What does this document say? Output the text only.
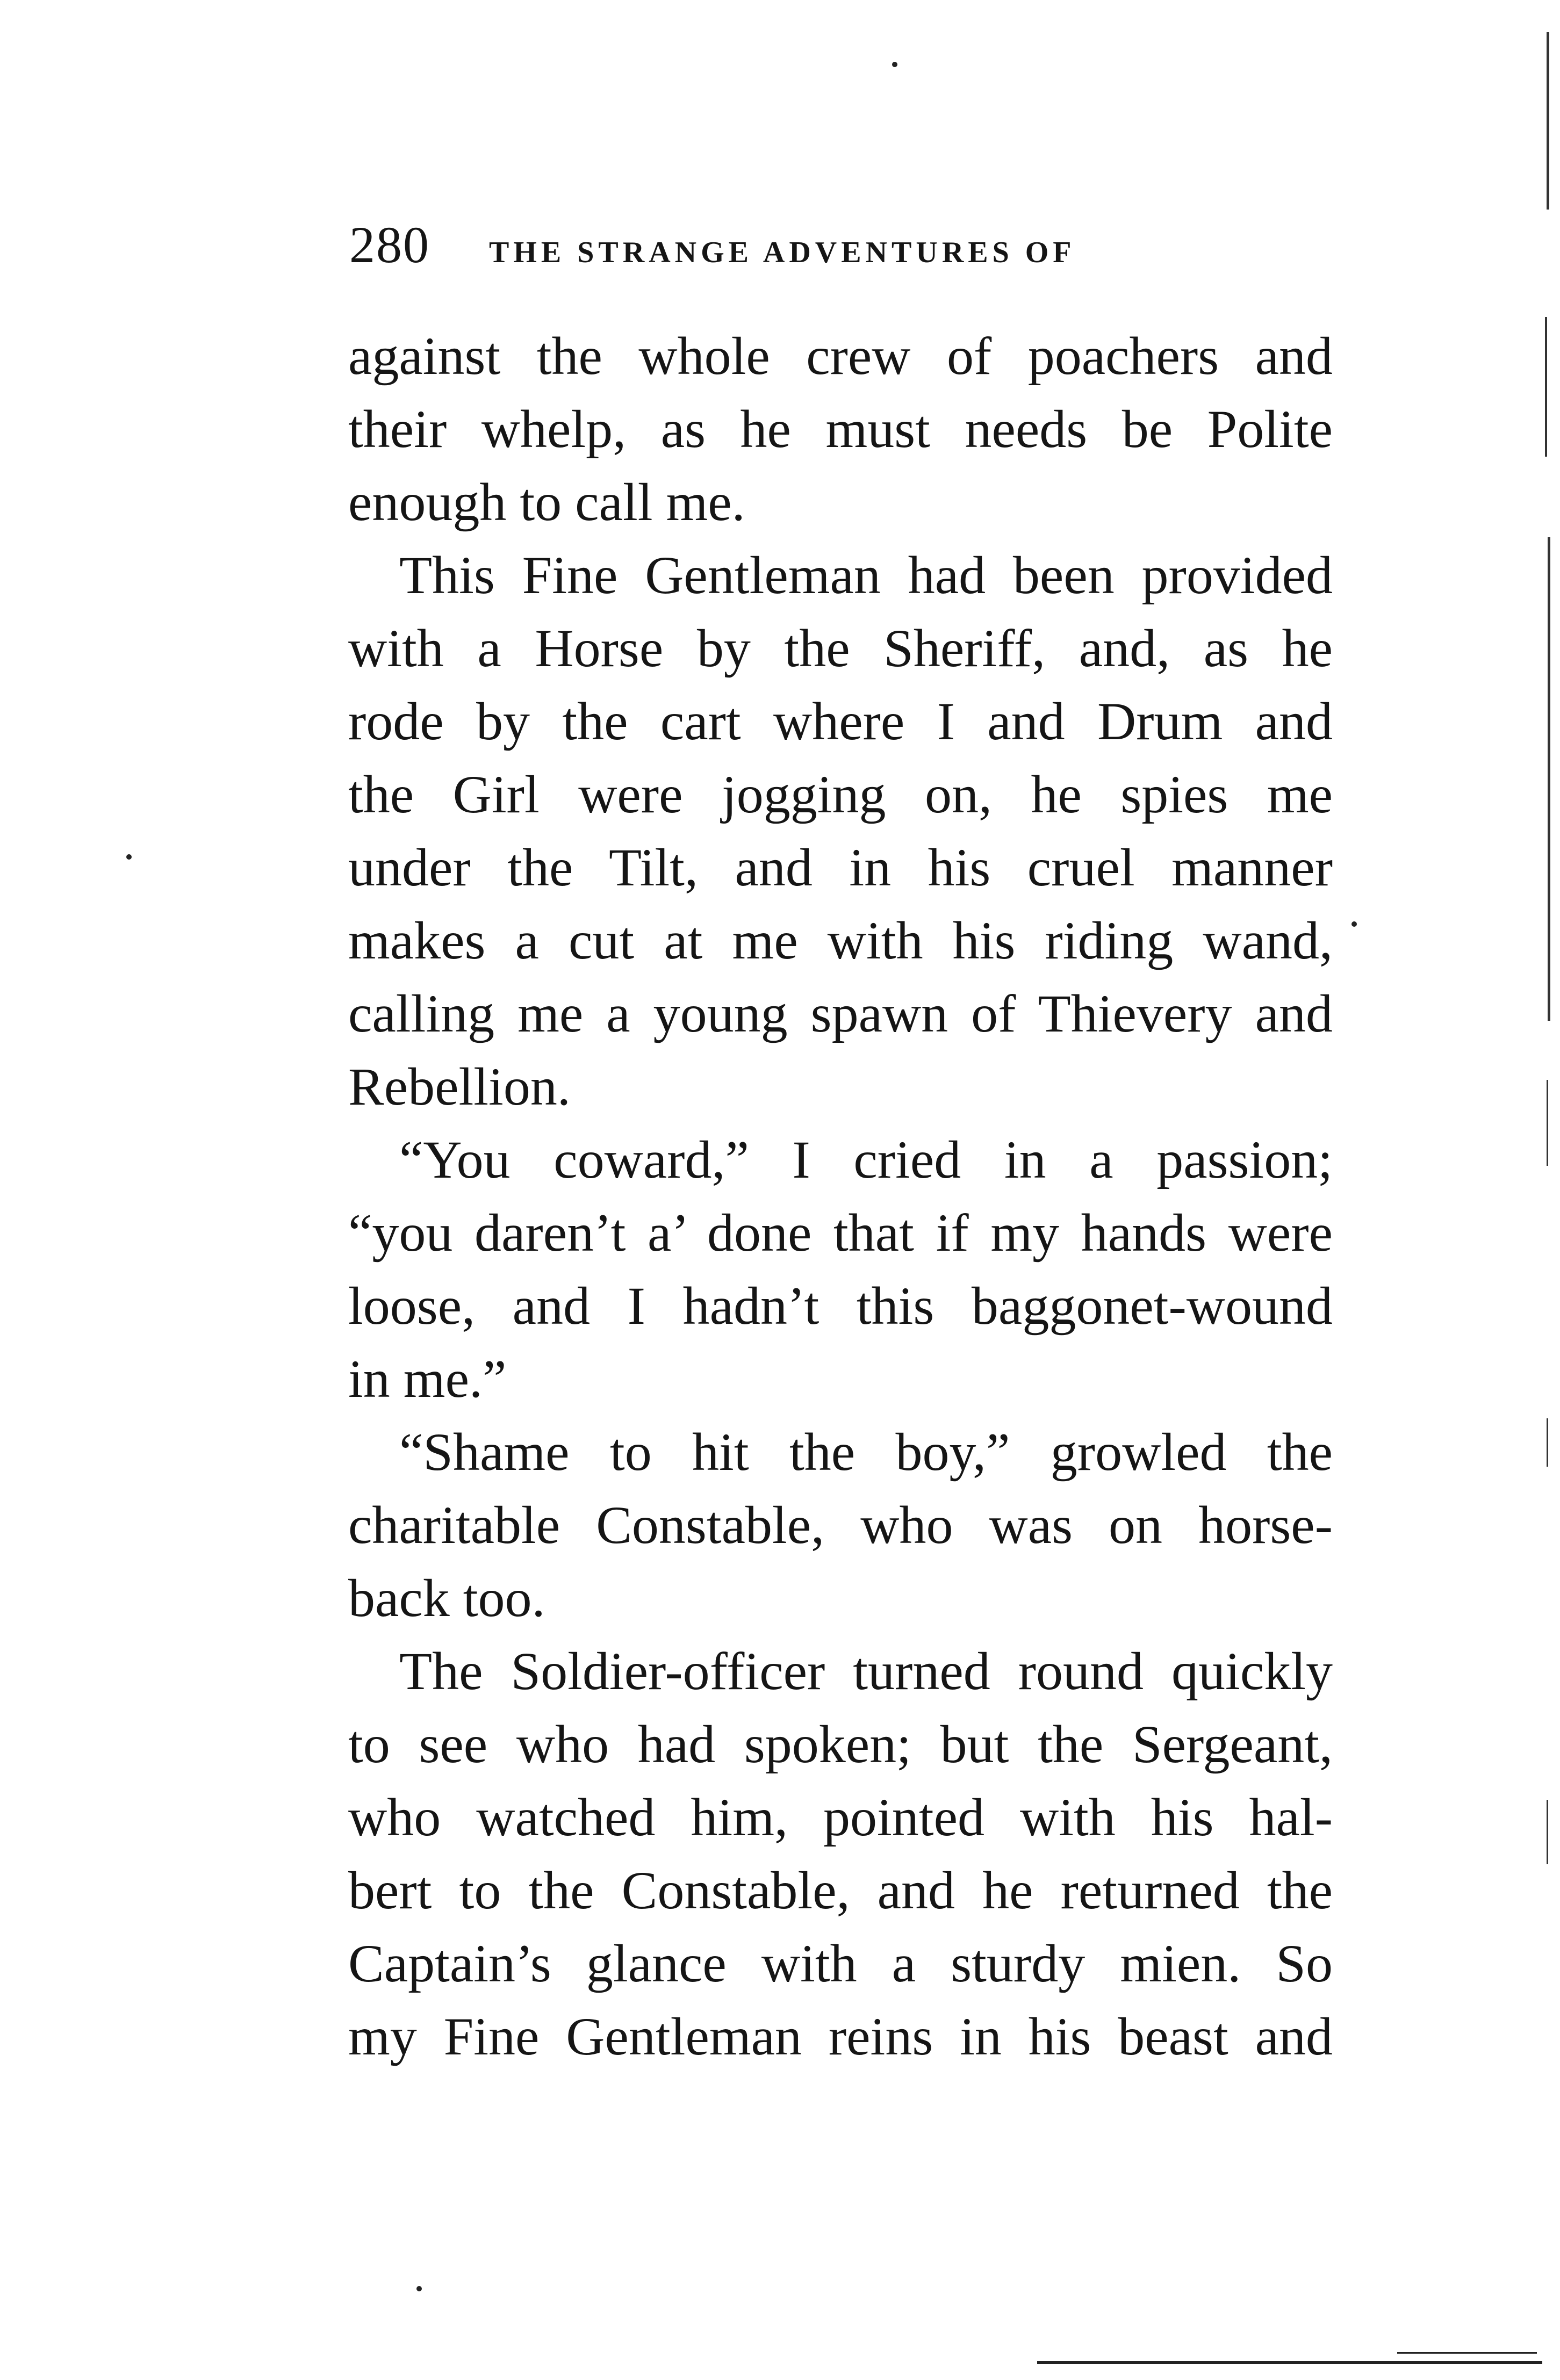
280 THE STRANGE ADVENTURES OF
against the whole crew of poachers and
their whelp, as he must needs be Polite
enough to call me.
This Fine Gentleman had been provided
with a Horse by the Sheriff, and, as he
rode by the cart where I and Drum and
the Girl were jogging on, he spies me
under the Tilt, and in his cruel manner
makes a cut at me with his riding wand,
calling me a young spawn of Thievery and
Rebellion.
“You coward,” I cried in a passion;
“you daren’t a’ done that if my hands were
loose, and I hadn’t this baggonet-wound
in me.”
“Shame to hit the boy,” growled the
charitable Constable, who was on horse-
back too.
The Soldier-officer turned round quickly
to see who had spoken; but the Sergeant,
who watched him, pointed with his hal-
bert to the Constable, and he returned the
Captain’s glance with a sturdy mien. So
my Fine Gentleman reins in his beast and
